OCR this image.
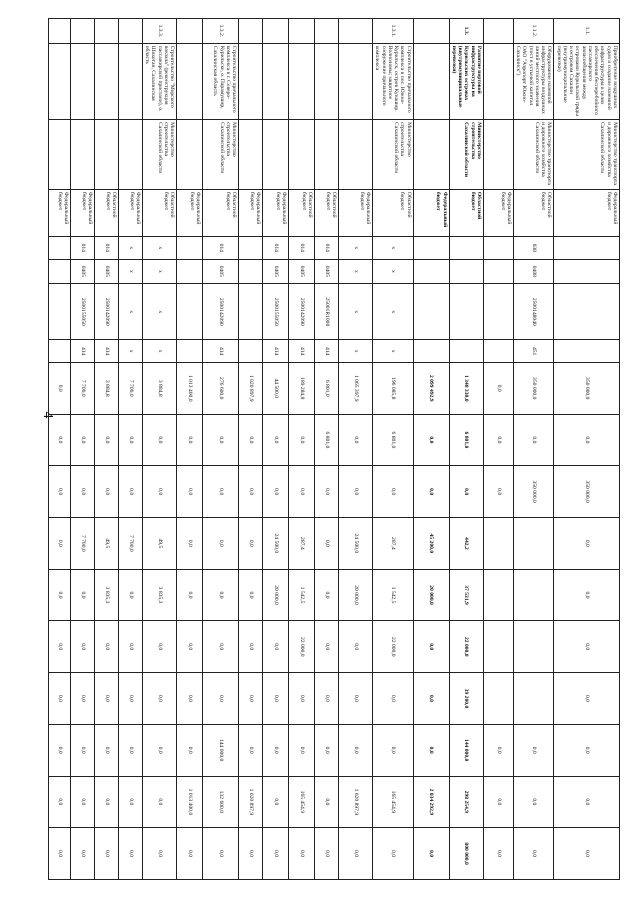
4
1.1.	Приобретение воздушных судов и создание наземной инфраструктуры в целях обеспечения бесперебойного пассажирского авиасообщения между островами Курильской гряды и островом Сахалин (внутримуниципальные перевозки)	Министерство транспорта и дорожного хозяйства Сахалинской области	Федеральный бюджет					350 000,0	0,0	350 000,0	0,0	0,0	0,0	0,0	0,0	0,0	0,0
1.1.2.	Оборудование наземной инфраструктуры воздушных линий местного значения (пост в устьевой капитал ОАО "Аэропорт Южно-Сахалинск")	Министерство транспорта и дорожного хозяйства Сахалинской области	Областной бюджет	038	0408	2500148040	451	350 000,0	0,0	350 000,0					0,0	0,0	0,0
			Федеральный бюджет					0,0	0,0	0,0					0,0	0,0	0,0
1.3.	Развитие портовой инфраструктуры на Курильских островах (внутримуниципальные перевозки)	Министерство строительства Сахалинской области	Областной бюджет					1 348 330,0	6 801,0	0,0	442,2	37 531,9	22 000,0	39 200,0	144 000,0	298 254,9	800 000,0
			Федеральный бюджет					2 099 492,9	0,0	0,0	45 200,0	20 000,0	0,0	0,0	0,0	2 034 292,9	0,0
1.3.1.	Строительство причального комплекса в пос. Южно-Курильск, остров Кунашир. Волноломы; защитное сооружение причального комплекса	Министерство строительства Сахалинской области	Областной бюджет	x	x	x	x	196 085,8	6 801,0	0,0	287,4	1 542,5	22 000,0	0,0	0,0	165 454,9	0,0
			Федеральный бюджет	x	x	x	x	1 065 397,9	0,0	0,0	24 500,0	20 000,0	0,0	0,0	0,0	1 020 897,9	0,0
			Областной бюджет	014	0405	25001R1000	414	6 801,0	6 801,0	0,0	0,0	0,0	0,0	0,0	0,0	0,0	0,0
			Областной бюджет	014	0405	2500142090	414	189 284,8	0,0	0,0	287,4	1 542,5	22 000,0	0,0	0,0	165 454,9	0,0
			Федеральный бюджет	014	0405	2500155050	414	44 500,0	0,0	0,0	24 500,0	20 000,0	0,0	0,0	0,0	0,0	0,0
			Федеральный бюджет					1 020 897,9	0,0	0,0	0,0	0,0	0,0	0,0	0,0	1 020 897,9	0,0
1.3.2.	Строительство причального комплекса в г. Северо-Курильске, о. Парамушир, Сахалинская область	Министерство строительства Сахалинской области	Областной бюджет	014	0405	2500142090	414	276 600,0	0,0	0,0	0,0	0,0	0,0	0,0	144 000,0	132 600,0	0,0
			Федеральный бюджет					1 013 400,0	0,0	0,0	0,0	0,0	0,0	0,0	0,0	1 013 400,0	0,0
1.3.3.	Строительство "Морского вокзала" (реконструкция пассажирской пристани), о. Шикотан, Сахалинская область	Министерство строительства Сахалинской области	Областной бюджет	x	x	x	x	3 884,8	0,0	0,0	49,5	3 835,3	0,0	0,0	0,0	0,0	0,0
			Федеральный бюджет	x	x	x	x	7 700,0	0,0	0,0	7 700,0	0,0	0,0	0,0	0,0	0,0	0,0
			Областной бюджет	014	0405	2500142090	414	3 884,8	0,0	0,0	49,5	3 835,3	0,0	0,0	0,0	0,0	0,0
			Федеральный бюджет	014	0405	2500155050	414	7 700,0	0,0	0,0	7 700,0	0,0	0,0	0,0	0,0	0,0	0,0
			Федеральный бюджет					0,0	0,0	0,0	0,0	0,0	0,0	0,0	0,0	0,0	0,0
